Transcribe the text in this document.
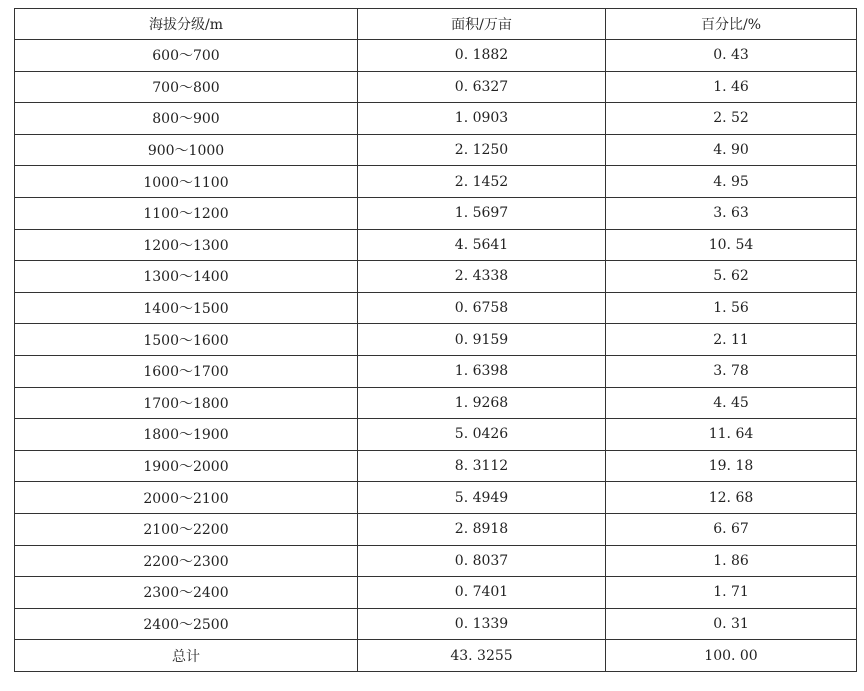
海拔分级/m	面积/万亩	百分比/%
600～700	0. 1882	0. 43
700～800	0. 6327	1. 46
800～900	1. 0903	2. 52
900～1000	2. 1250	4. 90
1000～1100	2. 1452	4. 95
1100～1200	1. 5697	3. 63
1200～1300	4. 5641	10. 54
1300～1400	2. 4338	5. 62
1400～1500	0. 6758	1. 56
1500～1600	0. 9159	2. 11
1600～1700	1. 6398	3. 78
1700～1800	1. 9268	4. 45
1800～1900	5. 0426	11. 64
1900～2000	8. 3112	19. 18
2000～2100	5. 4949	12. 68
2100～2200	2. 8918	6. 67
2200～2300	0. 8037	1. 86
2300～2400	0. 7401	1. 71
2400～2500	0. 1339	0. 31
总计	43. 3255	100. 00
